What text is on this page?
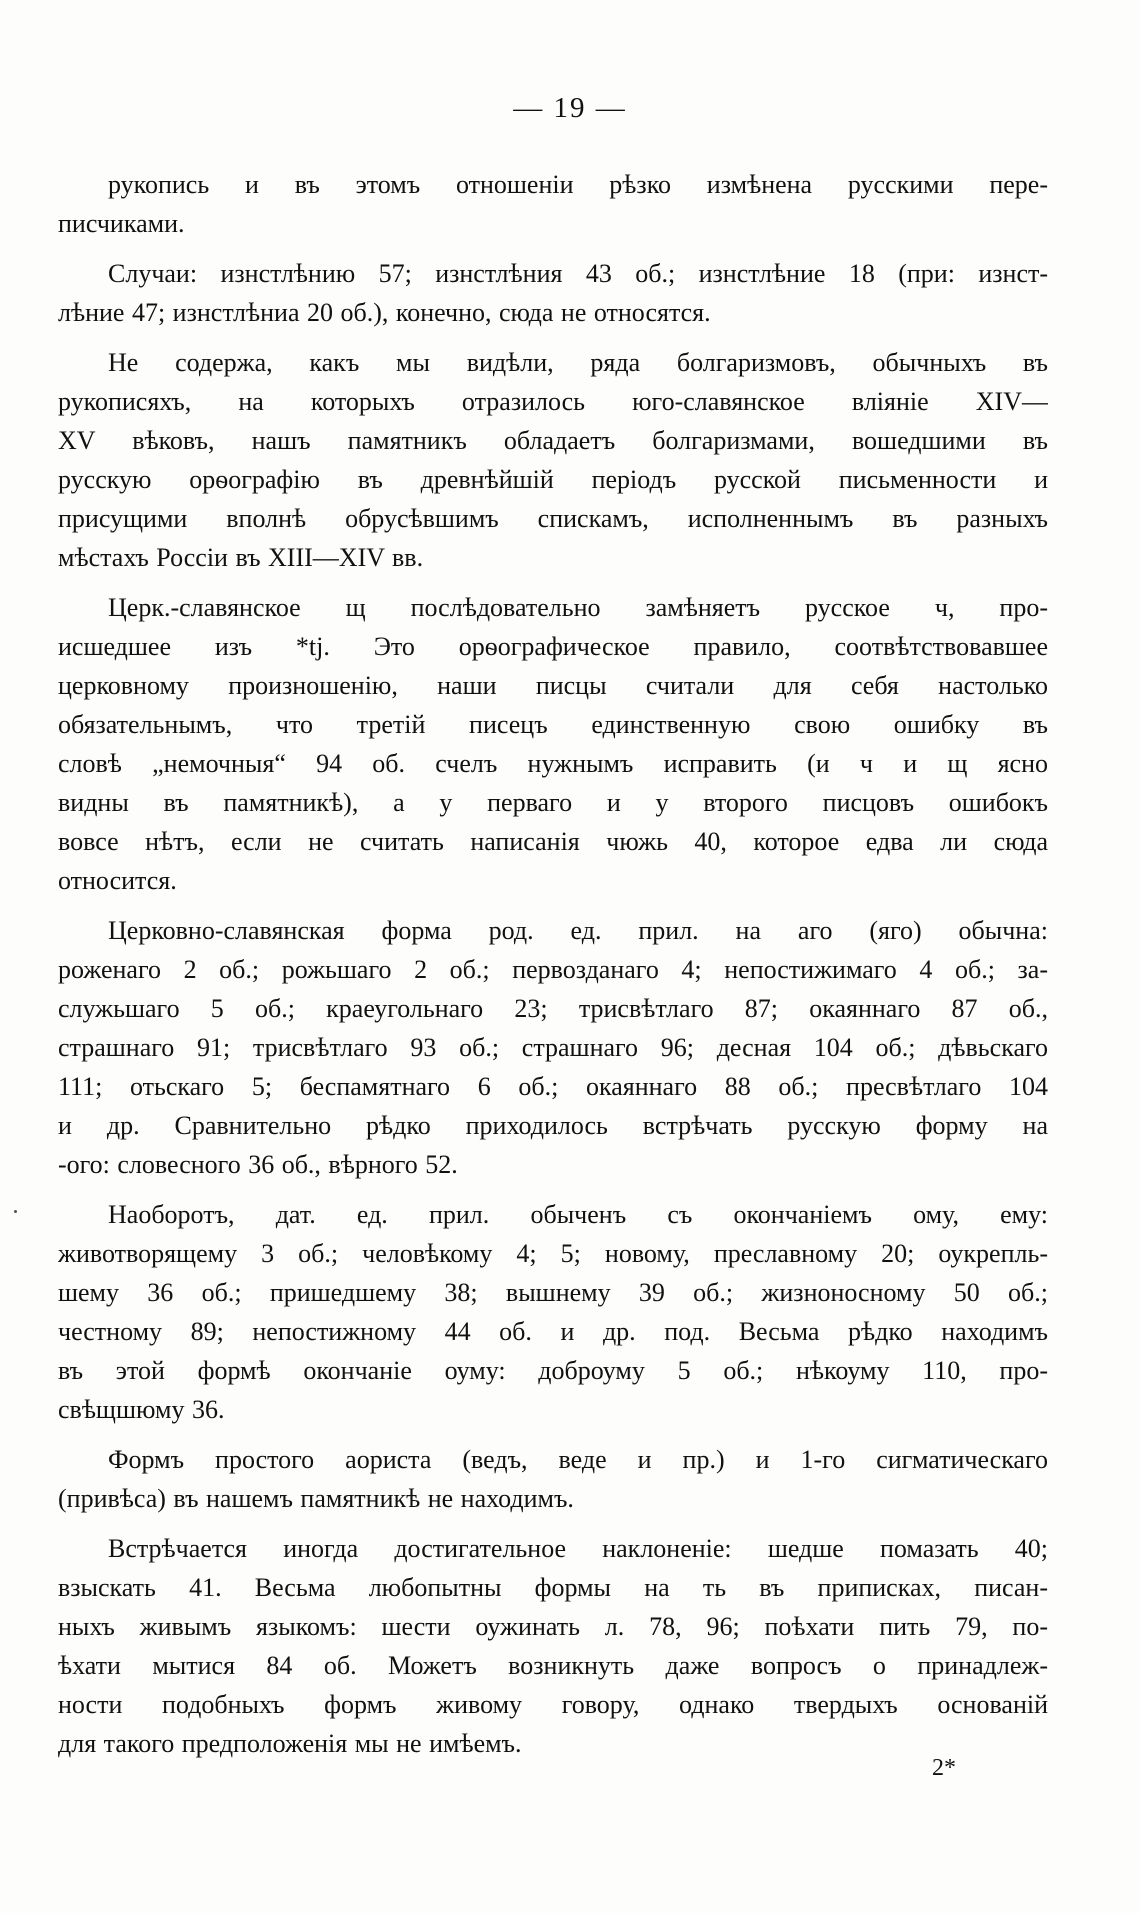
— 19 —
рукопись и въ этомъ отношеніи рѣзко измѣнена русскими пере-
писчиками.
Случаи: изнстлѣнию 57; изнстлѣния 43 об.; изнстлѣние 18 (при: изнст-
лѣние 47; изнстлѣниа 20 об.), конечно, сюда не относятся.
Не содержа, какъ мы видѣли, ряда болгаризмовъ, обычныхъ въ
рукописяхъ, на которыхъ отразилось юго-славянское вліяніе XIV—
XV вѣковъ, нашъ памятникъ обладаетъ болгаризмами, вошедшими въ
русскую орѳографію въ древнѣйшій періодъ русской письменности и
присущими вполнѣ обрусѣвшимъ спискамъ, исполненнымъ въ разныхъ
мѣстахъ Россіи въ XIII—XIV вв.
Церк.-славянское щ послѣдовательно замѣняетъ русское ч, про-
исшедшее изъ *tj. Это орѳографическое правило, соотвѣтствовавшее
церковному произношенію, наши писцы считали для себя настолько
обязательнымъ, что третій писецъ единственную свою ошибку въ
словѣ „немочныя“ 94 об. счелъ нужнымъ исправить (и ч и щ ясно
видны въ памятникѣ), а у перваго и у второго писцовъ ошибокъ
вовсе нѣтъ, если не считать написанія чюжь 40, которое едва ли сюда
относится.
Церковно-славянская форма род. ед. прил. на аго (яго) обычна:
роженаго 2 об.; рожьшаго 2 об.; первозданаго 4; непостижимаго 4 об.; за-
служьшаго 5 об.; краеугольнаго 23; трисвѣтлаго 87; окаяннаго 87 об.,
страшнаго 91; трисвѣтлаго 93 об.; страшнаго 96; десная 104 об.; дѣвьскаго
111; отьскаго 5; беспамятнаго 6 об.; окаяннаго 88 об.; пресвѣтлаго 104
и др. Сравнительно рѣдко приходилось встрѣчать русскую форму на
-ого: словесного 36 об., вѣрного 52.
Наоборотъ, дат. ед. прил. обыченъ съ окончаніемъ ому, ему:
животворящему 3 об.; человѣкому 4; 5; новому, преславному 20; оукрепль-
шему 36 об.; пришедшему 38; вышнему 39 об.; жизноносному 50 об.;
честному 89; непостижному 44 об. и др. под. Весьма рѣдко находимъ
въ этой формѣ окончаніе оуму: доброуму 5 об.; нѣкоуму 110, про-
свѣщшюму 36.
Формъ простого аориста (ведъ, веде и пр.) и 1-го сигматическаго
(привѣса) въ нашемъ памятникѣ не находимъ.
Встрѣчается иногда достигательное наклоненіе: шедше помазать 40;
взыскать 41. Весьма любопытны формы на ть въ приписках, писан-
ныхъ живымъ языкомъ: шести оужинать л. 78, 96; поѣхати пить 79, по-
ѣхати мытися 84 об. Можетъ возникнуть даже вопросъ о принадлеж-
ности подобныхъ формъ живому говору, однако твердыхъ основаній
для такого предположенія мы не имѣемъ.
2*
